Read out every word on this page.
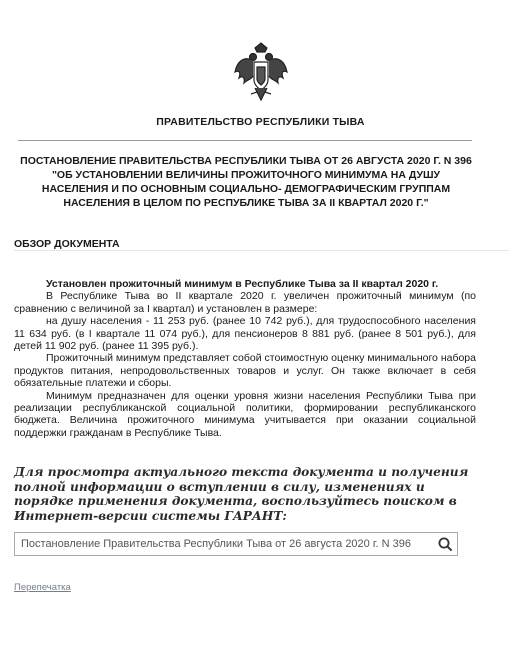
ПРАВИТЕЛЬСТВО РЕСПУБЛИКИ ТЫВА
ПОСТАНОВЛЕНИЕ ПРАВИТЕЛЬСТВА РЕСПУБЛИКИ ТЫВА ОТ 26 АВГУСТА 2020 Г. N 396 "ОБ УСТАНОВЛЕНИИ ВЕЛИЧИНЫ ПРОЖИТОЧНОГО МИНИМУМА НА ДУШУ НАСЕЛЕНИЯ И ПО ОСНОВНЫМ СОЦИАЛЬНО- ДЕМОГРАФИЧЕСКИМ ГРУППАМ НАСЕЛЕНИЯ В ЦЕЛОМ ПО РЕСПУБЛИКЕ ТЫВА ЗА II КВАРТАЛ 2020 Г."
ОБЗОР ДОКУМЕНТА

Установлен прожиточный минимум в Республике Тыва за II квартал 2020 г.

В Республике Тыва во II квартале 2020 г. увеличен прожиточный минимум (по сравнению с величиной за I квартал) и установлен в размере:

на душу населения - 11 253 руб. (ранее 10 742 руб.), для трудоспособного населения 11 634 руб. (в I квартале 11 074 руб.), для пенсионеров 8 881 руб. (ранее 8 501 руб.), для детей 11 902 руб. (ранее 11 395 руб.).

Прожиточный минимум представляет собой стоимостную оценку минимального набора продуктов питания, непродовольственных товаров и услуг. Он также включает в себя обязательные платежи и сборы.

Минимум предназначен для оценки уровня жизни населения Республики Тыва при реализации республиканской социальной политики, формировании республиканского бюджета. Величина прожиточного минимума учитывается при оказании социальной поддержки гражданам в Республике Тыва.

Для просмотра актуального текста документа и получения полной информации о вступлении в силу, изменениях и порядке применения документа, воспользуйтесь поиском в Интернет-версии системы ГАРАНТ:
Постановление Правительства Республики Тыва от 26 августа 2020 г. N 396
Перепечатка
